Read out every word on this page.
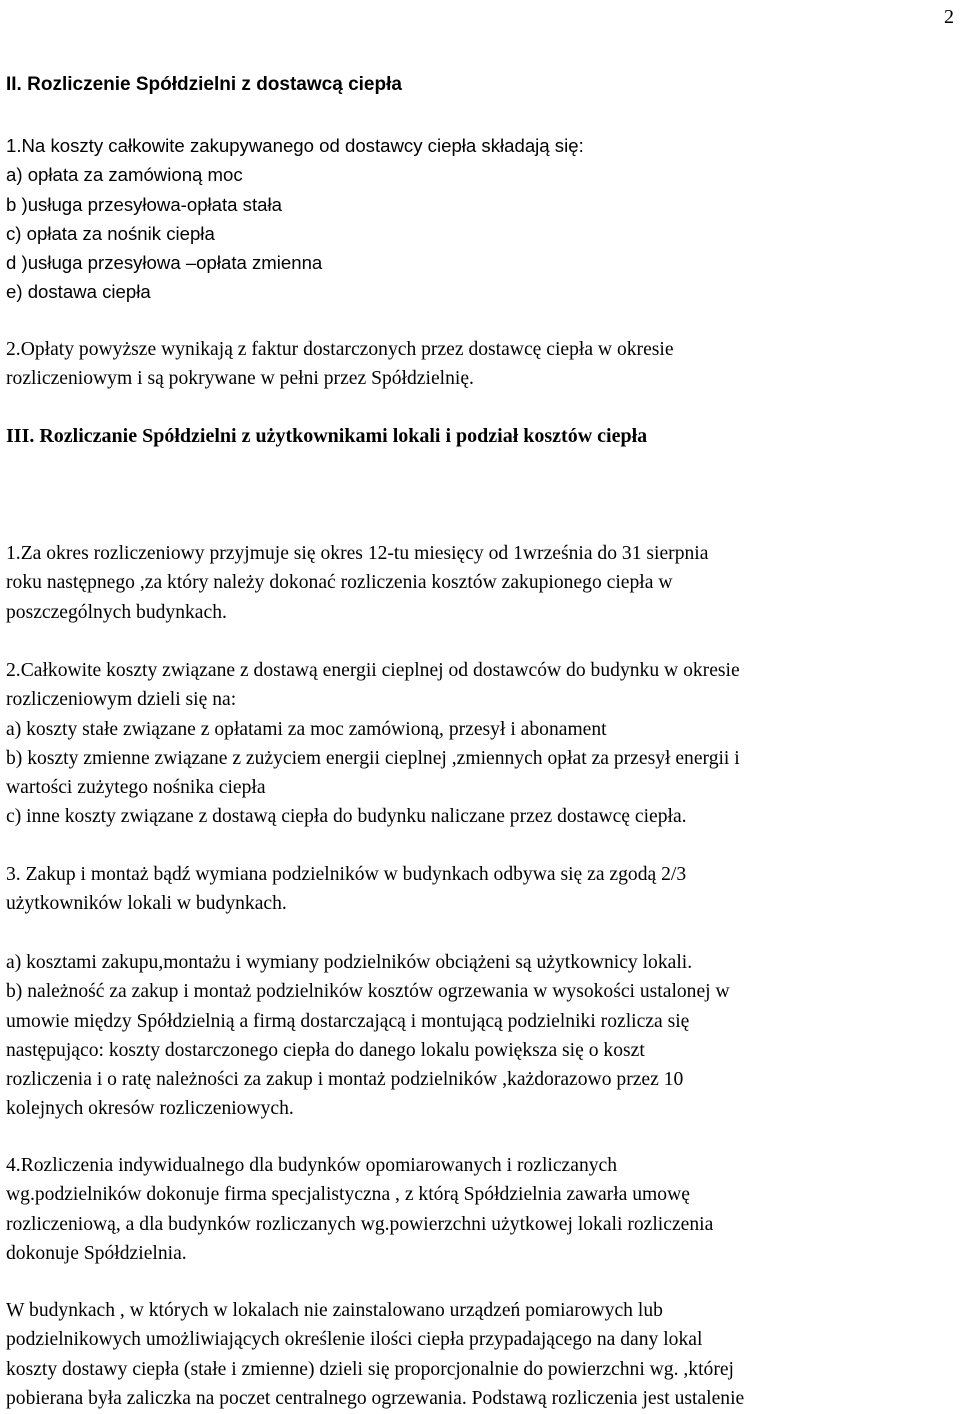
2
II. Rozliczenie Spółdzielni z dostawcą ciepła
1.Na koszty całkowite zakupywanego od dostawcy ciepła składają się:
a) opłata za zamówioną moc
b )usługa przesyłowa-opłata stała
c) opłata za nośnik ciepła
d )usługa przesyłowa –opłata zmienna
e) dostawa ciepła
2.Opłaty powyższe wynikają z faktur dostarczonych przez dostawcę ciepła w okresie
rozliczeniowym i są pokrywane w pełni przez Spółdzielnię.
III. Rozliczanie Spółdzielni z użytkownikami lokali i podział kosztów ciepła
1.Za okres rozliczeniowy przyjmuje się okres 12-tu miesięcy od 1września do 31 sierpnia
roku następnego ,za który należy dokonać rozliczenia kosztów zakupionego ciepła w
poszczególnych budynkach.
2.Całkowite koszty związane z dostawą energii cieplnej od dostawców do budynku w okresie
rozliczeniowym dzieli się na:
a) koszty stałe związane z opłatami za moc zamówioną, przesył i abonament
b) koszty zmienne związane z zużyciem energii cieplnej ,zmiennych opłat za przesył energii i
wartości zużytego nośnika ciepła
c) inne koszty związane z dostawą ciepła do budynku naliczane przez dostawcę ciepła.
3. Zakup i montaż bądź wymiana podzielników w budynkach odbywa się za zgodą 2/3
użytkowników lokali w budynkach.
a) kosztami zakupu,montażu i wymiany podzielników obciążeni są użytkownicy lokali.
b) należność za zakup i montaż podzielników kosztów ogrzewania w wysokości ustalonej w
umowie między Spółdzielnią a firmą dostarczającą i montującą podzielniki rozlicza się
następująco: koszty dostarczonego ciepła do danego lokalu powiększa się o koszt
rozliczenia i o ratę należności za zakup i montaż podzielników ,każdorazowo przez 10
kolejnych okresów rozliczeniowych.
4.Rozliczenia indywidualnego dla budynków opomiarowanych i rozliczanych
wg.podzielników dokonuje firma specjalistyczna , z którą Spółdzielnia zawarła umowę
rozliczeniową, a dla budynków rozliczanych wg.powierzchni użytkowej lokali rozliczenia
dokonuje Spółdzielnia.
W budynkach , w których w lokalach nie zainstalowano urządzeń pomiarowych lub
podzielnikowych umożliwiających określenie ilości ciepła przypadającego na dany lokal
koszty dostawy ciepła (stałe i zmienne) dzieli się proporcjonalnie do powierzchni wg. ,której
pobierana była zaliczka na poczet centralnego ogrzewania. Podstawą rozliczenia jest ustalenie
